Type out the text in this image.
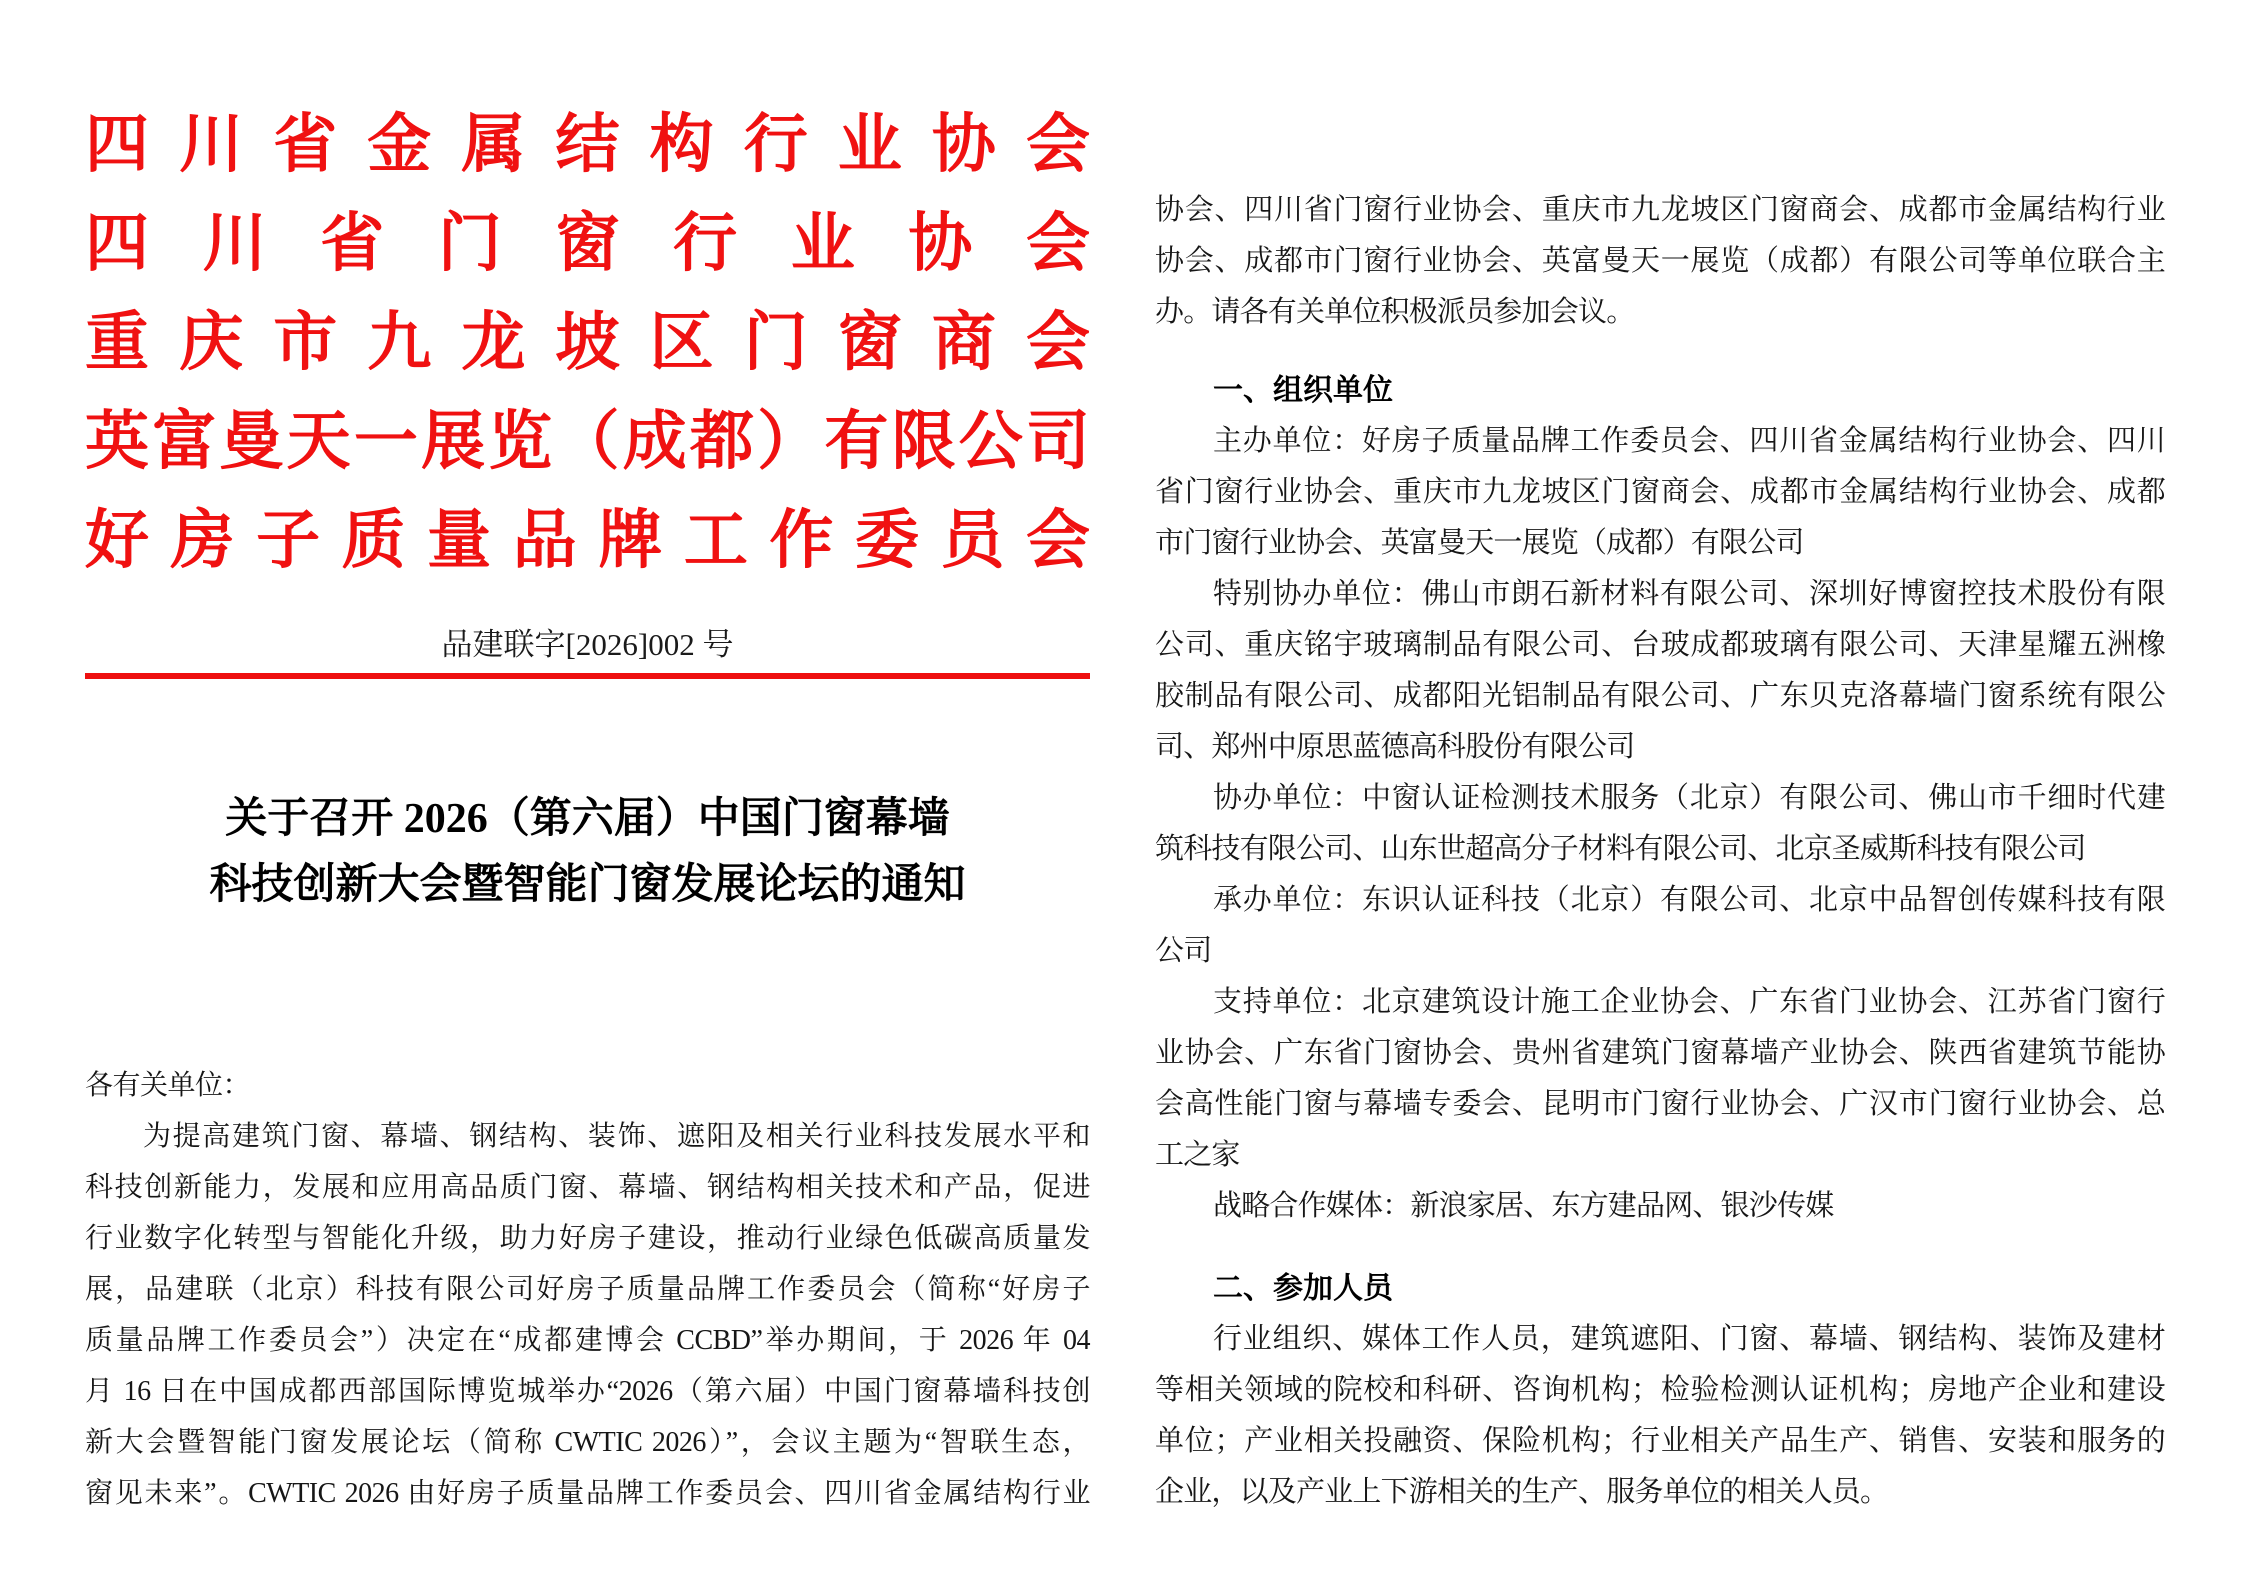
四川省金属结构行业协会
四川省门窗行业协会
重庆市九龙坡区门窗商会
英富曼天一展览（成都）有限公司
好房子质量品牌工作委员会
品建联字[2026]002 号
关于召开 2026（第六届）中国门窗幕墙
科技创新大会暨智能门窗发展论坛的通知
各有关单位：
为提高建筑门窗、幕墙、钢结构、装饰、遮阳及相关行业科技发展水平和
科技创新能力，发展和应用高品质门窗、幕墙、钢结构相关技术和产品，促进
行业数字化转型与智能化升级，助力好房子建设，推动行业绿色低碳高质量发
展，品建联（北京）科技有限公司好房子质量品牌工作委员会（简称“好房子
质量品牌工作委员会”）决定在“成都建博会 CCBD”举办期间，于 2026 年 04
月 16 日在中国成都西部国际博览城举办“2026（第六届）中国门窗幕墙科技创
新大会暨智能门窗发展论坛（简称 CWTIC 2026）”，会议主题为“智联生态，
窗见未来”。CWTIC 2026 由好房子质量品牌工作委员会、四川省金属结构行业
协会、四川省门窗行业协会、重庆市九龙坡区门窗商会、成都市金属结构行业
协会、成都市门窗行业协会、英富曼天一展览（成都）有限公司等单位联合主
办。请各有关单位积极派员参加会议。
一、组织单位
主办单位：好房子质量品牌工作委员会、四川省金属结构行业协会、四川
省门窗行业协会、重庆市九龙坡区门窗商会、成都市金属结构行业协会、成都
市门窗行业协会、英富曼天一展览（成都）有限公司
特别协办单位：佛山市朗石新材料有限公司、深圳好博窗控技术股份有限
公司、重庆铭宇玻璃制品有限公司、台玻成都玻璃有限公司、天津星耀五洲橡
胶制品有限公司、成都阳光铝制品有限公司、广东贝克洛幕墙门窗系统有限公
司、郑州中原思蓝德高科股份有限公司
协办单位：中窗认证检测技术服务（北京）有限公司、佛山市千细时代建
筑科技有限公司、山东世超高分子材料有限公司、北京圣威斯科技有限公司
承办单位：东识认证科技（北京）有限公司、北京中品智创传媒科技有限
公司
支持单位：北京建筑设计施工企业协会、广东省门业协会、江苏省门窗行
业协会、广东省门窗协会、贵州省建筑门窗幕墙产业协会、陕西省建筑节能协
会高性能门窗与幕墙专委会、昆明市门窗行业协会、广汉市门窗行业协会、总
工之家
战略合作媒体：新浪家居、东方建品网、银沙传媒
二、参加人员
行业组织、媒体工作人员，建筑遮阳、门窗、幕墙、钢结构、装饰及建材
等相关领域的院校和科研、咨询机构；检验检测认证机构；房地产企业和建设
单位；产业相关投融资、保险机构；行业相关产品生产、销售、安装和服务的
企业，以及产业上下游相关的生产、服务单位的相关人员。
